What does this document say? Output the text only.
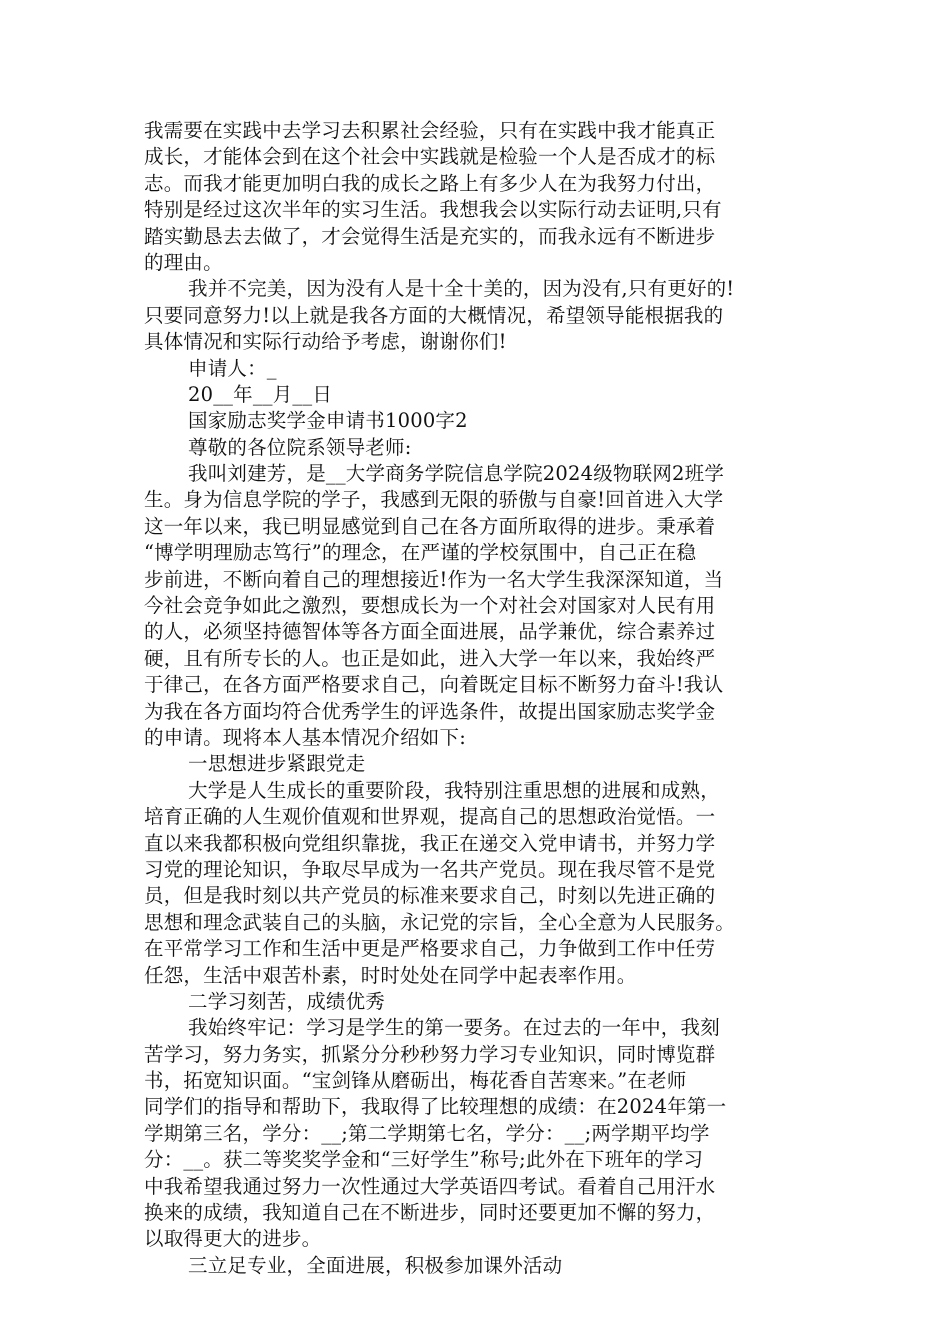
我需要在实践中去学习去积累社会经验，只有在实践中我才能真正
成长，才能体会到在这个社会中实践就是检验一个人是否成才的标
志。而我才能更加明白我的成长之路上有多少人在为我努力付出，
特别是经过这次半年的实习生活。我想我会以实际行动去证明,只有
踏实勤恳去去做了，才会觉得生活是充实的，而我永远有不断进步
的理由。
我并不完美，因为没有人是十全十美的，因为没有,只有更好的!
只要同意努力!以上就是我各方面的大概情况，希望领导能根据我的
具体情况和实际行动给予考虑，谢谢你们!
申请人：_
20__年__月__日
国家励志奖学金申请书1000字2
尊敬的各位院系领导老师:
我叫刘建芳，是__大学商务学院信息学院2024级物联网2班学
生。身为信息学院的学子，我感到无限的骄傲与自豪!回首进入大学
这一年以来，我已明显感觉到自己在各方面所取得的进步。秉承着
“博学明理励志笃行”的理念，在严谨的学校氛围中，自己正在稳
步前进，不断向着自己的理想接近!作为一名大学生我深深知道，当
今社会竞争如此之激烈，要想成长为一个对社会对国家对人民有用
的人，必须坚持德智体等各方面全面进展，品学兼优，综合素养过
硬，且有所专长的人。也正是如此，进入大学一年以来，我始终严
于律己，在各方面严格要求自己，向着既定目标不断努力奋斗!我认
为我在各方面均符合优秀学生的评选条件，故提出国家励志奖学金
的申请。现将本人基本情况介绍如下:
一思想进步紧跟党走
大学是人生成长的重要阶段，我特别注重思想的进展和成熟，
培育正确的人生观价值观和世界观，提高自己的思想政治觉悟。一
直以来我都积极向党组织靠拢，我正在递交入党申请书，并努力学
习党的理论知识，争取尽早成为一名共产党员。现在我尽管不是党
员，但是我时刻以共产党员的标准来要求自己，时刻以先进正确的
思想和理念武装自己的头脑，永记党的宗旨，全心全意为人民服务。
在平常学习工作和生活中更是严格要求自己，力争做到工作中任劳
任怨，生活中艰苦朴素，时时处处在同学中起表率作用。
二学习刻苦，成绩优秀
我始终牢记：学习是学生的第一要务。在过去的一年中，我刻
苦学习，努力务实，抓紧分分秒秒努力学习专业知识，同时博览群
书，拓宽知识面。“宝剑锋从磨砺出，梅花香自苦寒来。”在老师
同学们的指导和帮助下，我取得了比较理想的成绩：在2024年第一
学期第三名，学分：__;第二学期第七名，学分：__;两学期平均学
分：__。获二等奖奖学金和“三好学生”称号;此外在下班年的学习
中我希望我通过努力一次性通过大学英语四考试。看着自己用汗水
换来的成绩，我知道自己在不断进步，同时还要更加不懈的努力，
以取得更大的进步。
三立足专业，全面进展，积极参加课外活动
